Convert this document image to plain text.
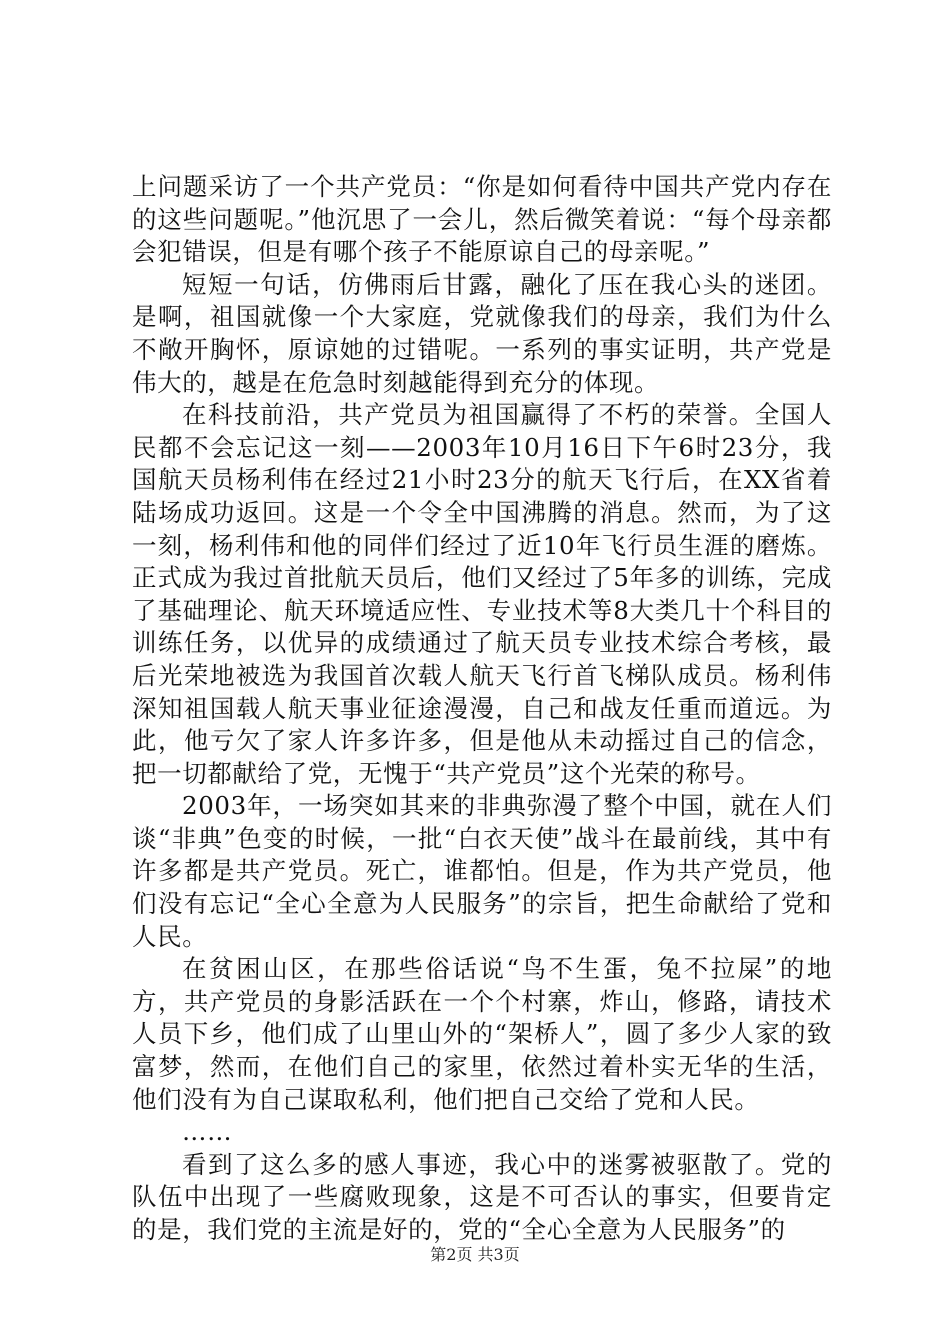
上问题采访了一个共产党员：“你是如何看待中国共产党内存在的这些问题呢。”他沉思了一会儿，然后微笑着说：“每个母亲都会犯错误，但是有哪个孩子不能原谅自己的母亲呢。”

短短一句话，仿佛雨后甘露，融化了压在我心头的迷团。是啊，祖国就像一个大家庭，党就像我们的母亲，我们为什么不敞开胸怀，原谅她的过错呢。一系列的事实证明，共产党是伟大的，越是在危急时刻越能得到充分的体现。

在科技前沿，共产党员为祖国赢得了不朽的荣誉。全国人民都不会忘记这一刻——2003年10月16日下午6时23分，我国航天员杨利伟在经过21小时23分的航天飞行后，在XX省着陆场成功返回。这是一个令全中国沸腾的消息。然而，为了这一刻，杨利伟和他的同伴们经过了近10年飞行员生涯的磨炼。正式成为我过首批航天员后，他们又经过了5年多的训练，完成了基础理论、航天环境适应性、专业技术等8大类几十个科目的训练任务，以优异的成绩通过了航天员专业技术综合考核，最后光荣地被选为我国首次载人航天飞行首飞梯队成员。杨利伟深知祖国载人航天事业征途漫漫，自己和战友任重而道远。为此，他亏欠了家人许多许多，但是他从未动摇过自己的信念，把一切都献给了党，无愧于“共产党员”这个光荣的称号。

2003年，一场突如其来的非典弥漫了整个中国，就在人们谈“非典”色变的时候，一批“白衣天使”战斗在最前线，其中有许多都是共产党员。死亡，谁都怕。但是，作为共产党员，他们没有忘记“全心全意为人民服务”的宗旨，把生命献给了党和人民。

在贫困山区，在那些俗话说“鸟不生蛋，兔不拉屎”的地方，共产党员的身影活跃在一个个村寨，炸山，修路，请技术人员下乡，他们成了山里山外的“架桥人”，圆了多少人家的致富梦，然而，在他们自己的家里，依然过着朴实无华的生活，他们没有为自己谋取私利，他们把自己交给了党和人民。

……

看到了这么多的感人事迹，我心中的迷雾被驱散了。党的队伍中出现了一些腐败现象，这是不可否认的事实，但要肯定的是，我们党的主流是好的，党的“全心全意为人民服务”的

第2页 共3页
